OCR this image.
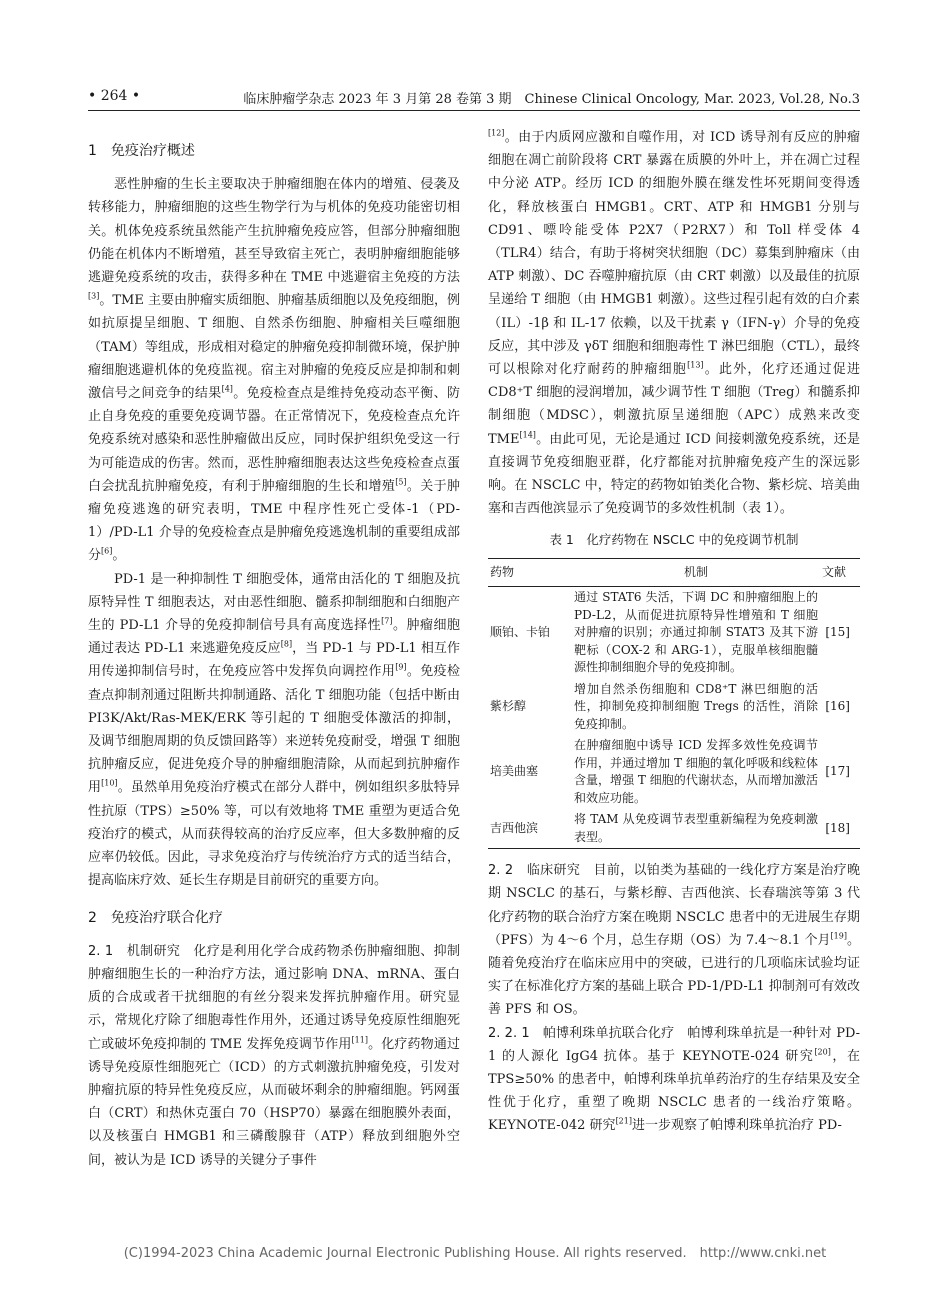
• 264 •	临床肿瘤学杂志 2023 年 3 月第 28 卷第 3 期　Chinese Clinical Oncology, Mar. 2023, Vol.28, No.3
1　免疫治疗概述

恶性肿瘤的生长主要取决于肿瘤细胞在体内的增殖、侵袭及转移能力，肿瘤细胞的这些生物学行为与机体的免疫功能密切相关。机体免疫系统虽然能产生抗肿瘤免疫应答，但部分肿瘤细胞仍能在机体内不断增殖，甚至导致宿主死亡，表明肿瘤细胞能够逃避免疫系统的攻击，获得多种在 TME 中逃避宿主免疫的方法[3]。TME 主要由肿瘤实质细胞、肿瘤基质细胞以及免疫细胞，例如抗原提呈细胞、T 细胞、自然杀伤细胞、肿瘤相关巨噬细胞（TAM）等组成，形成相对稳定的肿瘤免疫抑制微环境，保护肿瘤细胞逃避机体的免疫监视。宿主对肿瘤的免疫反应是抑制和刺激信号之间竞争的结果[4]。免疫检查点是维持免疫动态平衡、防止自身免疫的重要免疫调节器。在正常情况下，免疫检查点允许免疫系统对感染和恶性肿瘤做出反应，同时保护组织免受这一行为可能造成的伤害。然而，恶性肿瘤细胞表达这些免疫检查点蛋白会扰乱抗肿瘤免疫，有利于肿瘤细胞的生长和增殖[5]。关于肿瘤免疫逃逸的研究表明，TME 中程序性死亡受体-1（PD-1）/PD-L1 介导的免疫检查点是肿瘤免疫逃逸机制的重要组成部分[6]。

PD-1 是一种抑制性 T 细胞受体，通常由活化的 T 细胞及抗原特异性 T 细胞表达，对由恶性细胞、髓系抑制细胞和白细胞产生的 PD-L1 介导的免疫抑制信号具有高度选择性[7]。肿瘤细胞通过表达 PD-L1 来逃避免疫反应[8]，当 PD-1 与 PD-L1 相互作用传递抑制信号时，在免疫应答中发挥负向调控作用[9]。免疫检查点抑制剂通过阻断共抑制通路、活化 T 细胞功能（包括中断由 PI3K/Akt/Ras-MEK/ERK 等引起的 T 细胞受体激活的抑制，及调节细胞周期的负反馈回路等）来逆转免疫耐受，增强 T 细胞抗肿瘤反应，促进免疫介导的肿瘤细胞清除，从而起到抗肿瘤作用[10]。虽然单用免疫治疗模式在部分人群中，例如组织多肽特异性抗原（TPS）≥50% 等，可以有效地将 TME 重塑为更适合免疫治疗的模式，从而获得较高的治疗反应率，但大多数肿瘤的反应率仍较低。因此，寻求免疫治疗与传统治疗方式的适当结合，提高临床疗效、延长生存期是目前研究的重要方向。

2　免疫治疗联合化疗

2. 1　机制研究　化疗是利用化学合成药物杀伤肿瘤细胞、抑制肿瘤细胞生长的一种治疗方法，通过影响 DNA、mRNA、蛋白质的合成或者干扰细胞的有丝分裂来发挥抗肿瘤作用。研究显示，常规化疗除了细胞毒性作用外，还通过诱导免疫原性细胞死亡或破坏免疫抑制的 TME 发挥免疫调节作用[11]。化疗药物通过诱导免疫原性细胞死亡（ICD）的方式刺激抗肿瘤免疫，引发对肿瘤抗原的特异性免疫反应，从而破坏剩余的肿瘤细胞。钙网蛋白（CRT）和热休克蛋白 70（HSP70）暴露在细胞膜外表面，以及核蛋白 HMGB1 和三磷酸腺苷（ATP）释放到细胞外空间，被认为是 ICD 诱导的关键分子事件

[12]。由于内质网应激和自噬作用，对 ICD 诱导剂有反应的肿瘤细胞在凋亡前阶段将 CRT 暴露在质膜的外叶上，并在凋亡过程中分泌 ATP。经历 ICD 的细胞外膜在继发性坏死期间变得透化，释放核蛋白 HMGB1。CRT、ATP 和 HMGB1 分别与 CD91、嘌呤能受体 P2X7（P2RX7）和 Toll 样受体 4（TLR4）结合，有助于将树突状细胞（DC）募集到肿瘤床（由 ATP 刺激）、DC 吞噬肿瘤抗原（由 CRT 刺激）以及最佳的抗原呈递给 T 细胞（由 HMGB1 刺激）。这些过程引起有效的白介素（IL）-1β 和 IL-17 依赖，以及干扰素 γ（IFN-γ）介导的免疫反应，其中涉及 γδT 细胞和细胞毒性 T 淋巴细胞（CTL），最终可以根除对化疗耐药的肿瘤细胞[13]。此外，化疗还通过促进 CD8⁺T 细胞的浸润增加，减少调节性 T 细胞（Treg）和髓系抑制细胞（MDSC），刺激抗原呈递细胞（APC）成熟来改变 TME[14]。由此可见，无论是通过 ICD 间接刺激免疫系统，还是直接调节免疫细胞亚群，化疗都能对抗肿瘤免疫产生的深远影响。在 NSCLC 中，特定的药物如铂类化合物、紫杉烷、培美曲塞和吉西他滨显示了免疫调节的多效性机制（表 1）。

表 1　化疗药物在 NSCLC 中的免疫调节机制
药物	机制	文献
顺铂、卡铂	通过 STAT6 失活，下调 DC 和肿瘤细胞上的 PD-L2，从而促进抗原特异性增殖和 T 细胞对肿瘤的识别；亦通过抑制 STAT3 及其下游靶标（COX-2 和 ARG-1），克服单核细胞髓源性抑制细胞介导的免疫抑制。	[15]
紫杉醇	增加自然杀伤细胞和 CD8⁺T 淋巴细胞的活性，抑制免疫抑制细胞 Tregs 的活性，消除免疫抑制。	[16]
培美曲塞	在肿瘤细胞中诱导 ICD 发挥多效性免疫调节作用，并通过增加 T 细胞的氧化呼吸和线粒体含量，增强 T 细胞的代谢状态，从而增加激活和效应功能。	[17]
吉西他滨	将 TAM 从免疫调节表型重新编程为免疫刺激表型。	[18]

2. 2　临床研究　目前，以铂类为基础的一线化疗方案是治疗晚期 NSCLC 的基石，与紫杉醇、吉西他滨、长春瑞滨等第 3 代化疗药物的联合治疗方案在晚期 NSCLC 患者中的无进展生存期（PFS）为 4～6 个月，总生存期（OS）为 7.4～8.1 个月[19]。随着免疫治疗在临床应用中的突破，已进行的几项临床试验均证实了在标准化疗方案的基础上联合 PD-1/PD-L1 抑制剂可有效改善 PFS 和 OS。

2. 2. 1　帕博利珠单抗联合化疗　帕博利珠单抗是一种针对 PD-1 的人源化 IgG4 抗体。基于 KEYNOTE-024 研究[20]，在 TPS≥50% 的患者中，帕博利珠单抗单药治疗的生存结果及安全性优于化疗，重塑了晚期 NSCLC 患者的一线治疗策略。KEYNOTE-042 研究[21]进一步观察了帕博利珠单抗治疗 PD-

(C)1994-2023 China Academic Journal Electronic Publishing House. All rights reserved.　http://www.cnki.net
